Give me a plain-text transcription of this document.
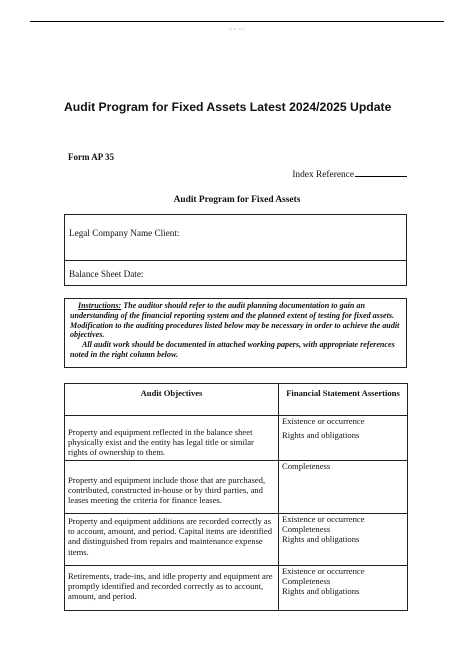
▪▪▪▪ ▪▪▪
Audit Program for Fixed Assets Latest 2024/2025 Update
Form AP 35
Index Reference
Audit Program for Fixed Assets
Legal Company Name Client:
Balance Sheet Date:
Instructions: The auditor should refer to the audit planning documentation to gain an understanding of the financial reporting system and the planned extent of testing for fixed assets. Modification to the auditing procedures listed below may be necessary in order to achieve the audit objectives.
All audit work should be documented in attached working papers, with appropriate references noted in the right column below.
Audit Objectives	Financial Statement Assertions

Property and equipment reflected in the balance sheet physically exist and the entity has legal title or similar rights of ownership to them.	Existence or occurrence
Rights and obligations

Property and equipment include those that are purchased, contributed, constructed in-house or by third parties, and leases meeting the criteria for finance leases.	Completeness

Property and equipment additions are recorded correctly as to account, amount, and period. Capital items are identified and distinguished from repairs and maintenance expense items.	Existence or occurrence
Completeness
Rights and obligations

Retirements, trade-ins, and idle property and equipment are promptly identified and recorded correctly as to account, amount, and period.	Existence or occurrence
Completeness
Rights and obligations
